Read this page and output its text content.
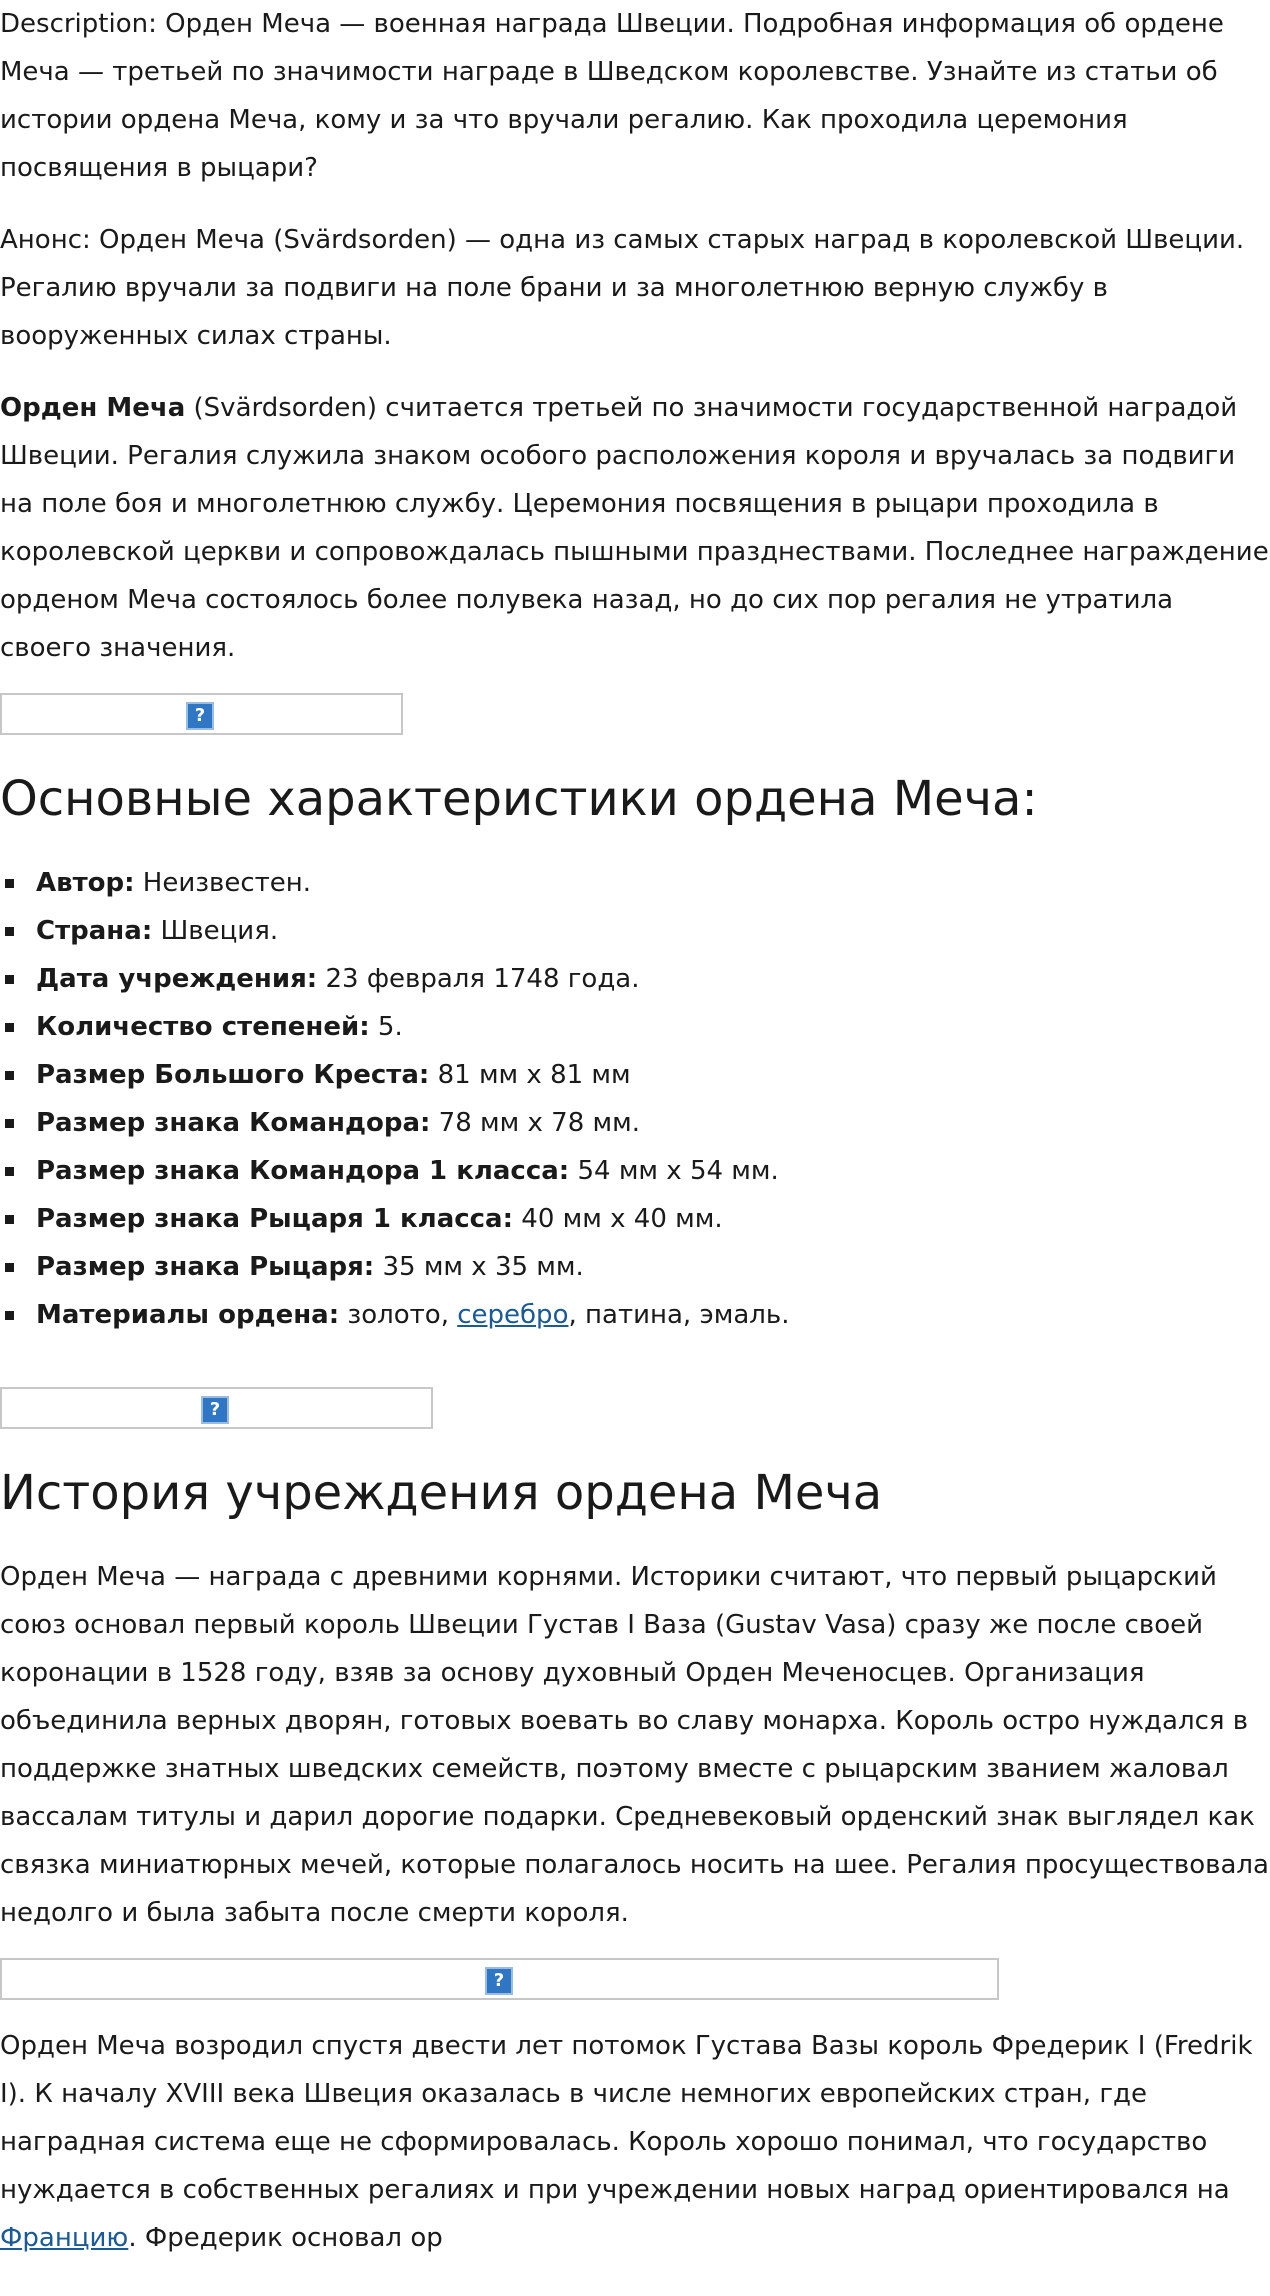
Description: Орден Меча — военная награда Швеции. Подробная информация об ордене Меча — третьей по значимости награде в Шведском королевстве. Узнайте из статьи об истории ордена Меча, кому и за что вручали регалию. Как проходила церемония посвящения в рыцари?

Анонс: Орден Меча (Svärdsorden) — одна из самых старых наград в королевской Швеции. Регалию вручали за подвиги на поле брани и за многолетнюю верную службу в вооруженных силах страны.

Орден Меча (Svärdsorden) считается третьей по значимости государственной наградой Швеции. Регалия служила знаком особого расположения короля и вручалась за подвиги на поле боя и многолетнюю службу. Церемония посвящения в рыцари проходила в королевской церкви и сопровождалась пышными празднествами. Последнее награждение орденом Меча состоялось более полувека назад, но до сих пор регалия не утратила своего значения.

?
Основные характеристики ордена Меча:
Автор: Неизвестен.
Страна: Швеция.
Дата учреждения: 23 февраля 1748 года.
Количество степеней: 5.
Размер Большого Креста: 81 мм х 81 мм
Размер знака Командора: 78 мм х 78 мм.
Размер знака Командора 1 класса: 54 мм х 54 мм.
Размер знака Рыцаря 1 класса: 40 мм х 40 мм.
Размер знака Рыцаря: 35 мм х 35 мм.
Материалы ордена: золото, серебро, патина, эмаль.
?
История учреждения ордена Меча

Орден Меча — награда с древними корнями. Историки считают, что первый рыцарский союз основал первый король Швеции Густав I Ваза (Gustav Vasa) сразу же после своей коронации в 1528 году, взяв за основу духовный Орден Меченосцев. Организация объединила верных дворян, готовых воевать во славу монарха. Король остро нуждался в поддержке знатных шведских семейств, поэтому вместе с рыцарским званием жаловал вассалам титулы и дарил дорогие подарки. Средневековый орденский знак выглядел как связка миниатюрных мечей, которые полагалось носить на шее. Регалия просуществовала недолго и была забыта после смерти короля.

?

Орден Меча возродил спустя двести лет потомок Густава Вазы король Фредерик I (Fredrik I). К началу XVIII века Швеция оказалась в числе немногих европейских стран, где наградная система еще не сформировалась. Король хорошо понимал, что государство нуждается в собственных регалиях и при учреждении новых наград ориентировался на Францию. Фредерик основал ор
